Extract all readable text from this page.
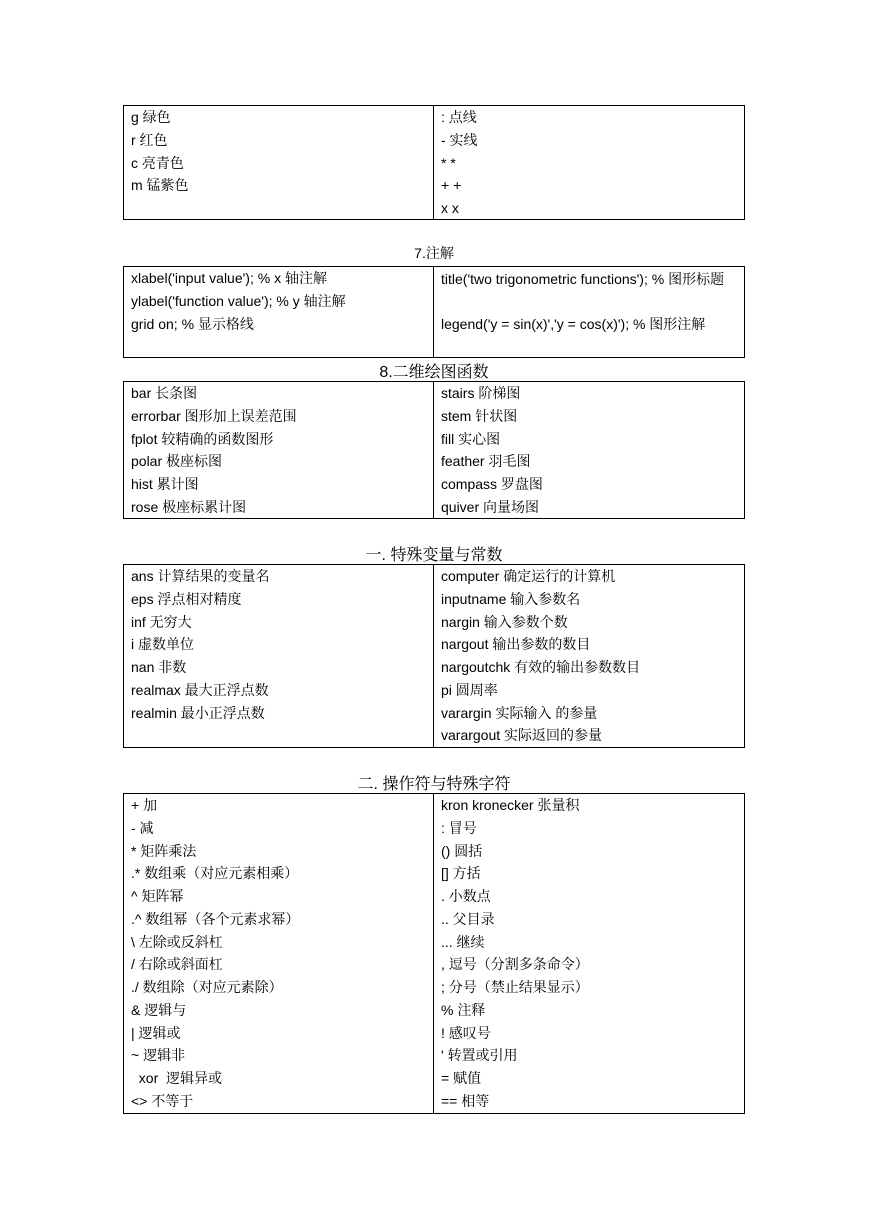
g 绿色
r 红色
c 亮青色
m 锰紫色
: 点线
- 实线
* *
+ +
x x
7.注解
xlabel('input value'); % x 轴注解
ylabel('function value'); % y 轴注解
grid on; % 显示格线
title('two trigonometric functions'); % 图形标题
legend('y = sin(x)','y = cos(x)'); % 图形注解
8.二维绘图函数
bar 长条图
errorbar 图形加上误差范围
fplot 较精确的函数图形
polar 极座标图
hist 累计图
rose 极座标累计图
stairs 阶梯图
stem 针状图
fill 实心图
feather 羽毛图
compass 罗盘图
quiver 向量场图
一. 特殊变量与常数
ans 计算结果的变量名
eps 浮点相对精度
inf 无穷大
i 虚数单位
nan 非数
realmax 最大正浮点数
realmin 最小正浮点数
computer 确定运行的计算机
inputname 输入参数名
nargin 输入参数个数
nargout 输出参数的数目
nargoutchk 有效的输出参数数目
pi 圆周率
varargin 实际输入 的参量
varargout 实际返回的参量
二. 操作符与特殊字符
+ 加
- 减
* 矩阵乘法
.* 数组乘（对应元素相乘）
^ 矩阵幂
.^ 数组幂（各个元素求幂）
\ 左除或反斜杠
/ 右除或斜面杠
./ 数组除（对应元素除）
& 逻辑与
| 逻辑或
~ 逻辑非
xor  逻辑异或
<> 不等于
kron kronecker 张量积
: 冒号
() 圆括
[] 方括
. 小数点
.. 父目录
... 继续
, 逗号（分割多条命令）
; 分号（禁止结果显示）
% 注释
! 感叹号
' 转置或引用
= 赋值
== 相等
